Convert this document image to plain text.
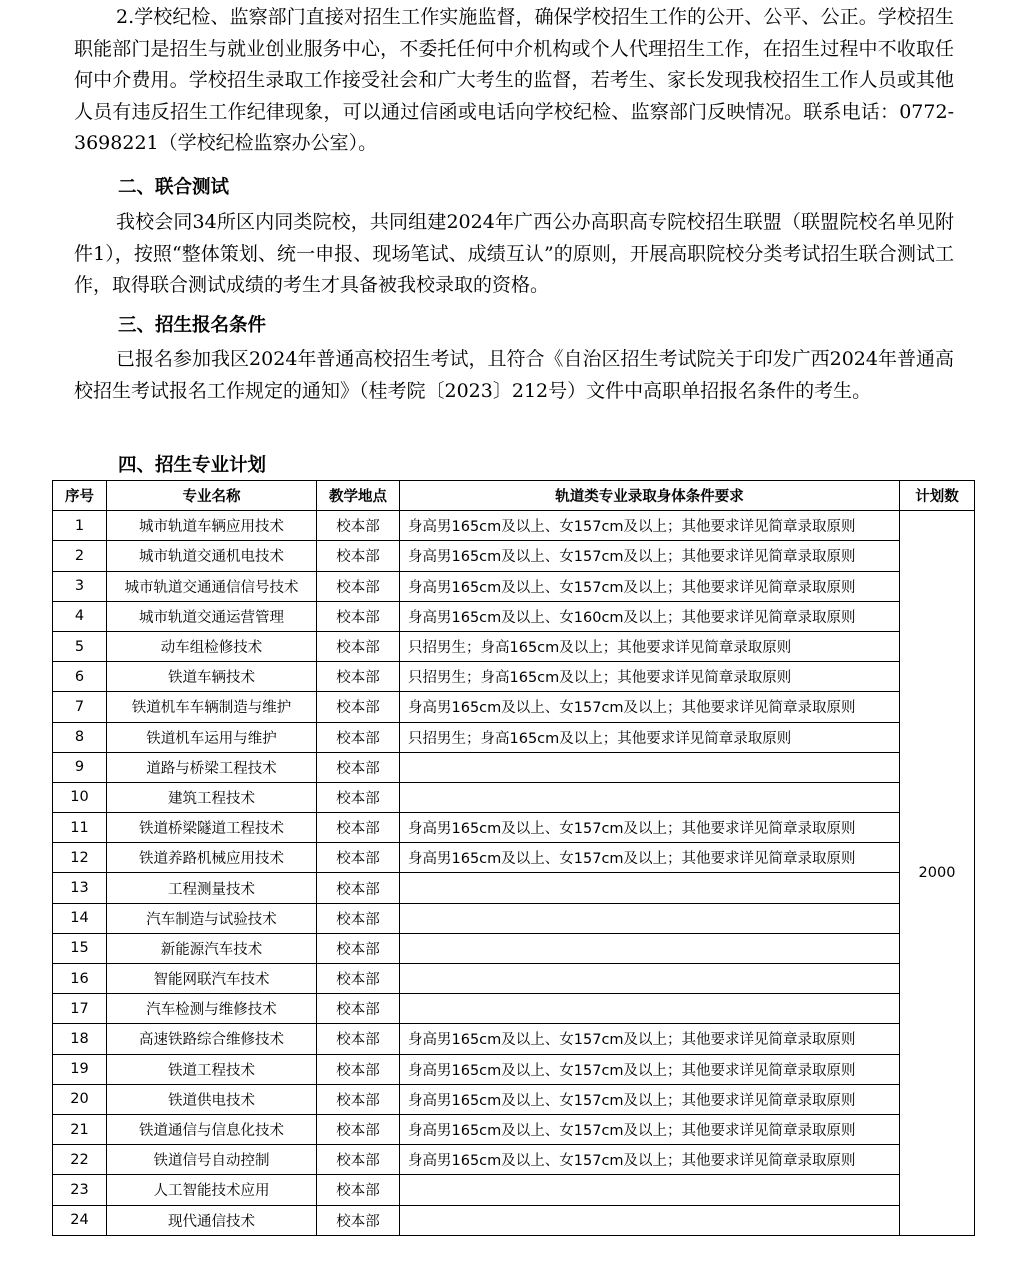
2.学校纪检、监察部门直接对招生工作实施监督，确保学校招生工作的公开、公平、公正。学校招生职能部门是招生与就业创业服务中心，不委托任何中介机构或个人代理招生工作，在招生过程中不收取任何中介费用。学校招生录取工作接受社会和广大考生的监督，若考生、家长发现我校招生工作人员或其他人员有违反招生工作纪律现象，可以通过信函或电话向学校纪检、监察部门反映情况。联系电话：0772-3698221（学校纪检监察办公室）。

二、联合测试

我校会同34所区内同类院校，共同组建2024年广西公办高职高专院校招生联盟（联盟院校名单见附件1），按照“整体策划、统一申报、现场笔试、成绩互认”的原则，开展高职院校分类考试招生联合测试工作，取得联合测试成绩的考生才具备被我校录取的资格。

三、招生报名条件

已报名参加我区2024年普通高校招生考试，且符合《自治区招生考试院关于印发广西2024年普通高校招生考试报名工作规定的通知》（桂考院〔2023〕212号）文件中高职单招报名条件的考生。

四、招生专业计划
序号	专业名称	教学地点	轨道类专业录取身体条件要求	计划数
1	城市轨道车辆应用技术	校本部	身高男165cm及以上、女157cm及以上；其他要求详见简章录取原则	2000
2	城市轨道交通机电技术	校本部	身高男165cm及以上、女157cm及以上；其他要求详见简章录取原则	
3	城市轨道交通通信信号技术	校本部	身高男165cm及以上、女157cm及以上；其他要求详见简章录取原则	
4	城市轨道交通运营管理	校本部	身高男165cm及以上、女160cm及以上；其他要求详见简章录取原则	
5	动车组检修技术	校本部	只招男生；身高165cm及以上；其他要求详见简章录取原则	
6	铁道车辆技术	校本部	只招男生；身高165cm及以上；其他要求详见简章录取原则	
7	铁道机车车辆制造与维护	校本部	身高男165cm及以上、女157cm及以上；其他要求详见简章录取原则	
8	铁道机车运用与维护	校本部	只招男生；身高165cm及以上；其他要求详见简章录取原则	
9	道路与桥梁工程技术	校本部		
10	建筑工程技术	校本部		
11	铁道桥梁隧道工程技术	校本部	身高男165cm及以上、女157cm及以上；其他要求详见简章录取原则	
12	铁道养路机械应用技术	校本部	身高男165cm及以上、女157cm及以上；其他要求详见简章录取原则	
13	工程测量技术	校本部		
14	汽车制造与试验技术	校本部		
15	新能源汽车技术	校本部		
16	智能网联汽车技术	校本部		
17	汽车检测与维修技术	校本部		
18	高速铁路综合维修技术	校本部	身高男165cm及以上、女157cm及以上；其他要求详见简章录取原则	
19	铁道工程技术	校本部	身高男165cm及以上、女157cm及以上；其他要求详见简章录取原则	
20	铁道供电技术	校本部	身高男165cm及以上、女157cm及以上；其他要求详见简章录取原则	
21	铁道通信与信息化技术	校本部	身高男165cm及以上、女157cm及以上；其他要求详见简章录取原则	
22	铁道信号自动控制	校本部	身高男165cm及以上、女157cm及以上；其他要求详见简章录取原则	
23	人工智能技术应用	校本部		
24	现代通信技术	校本部		
